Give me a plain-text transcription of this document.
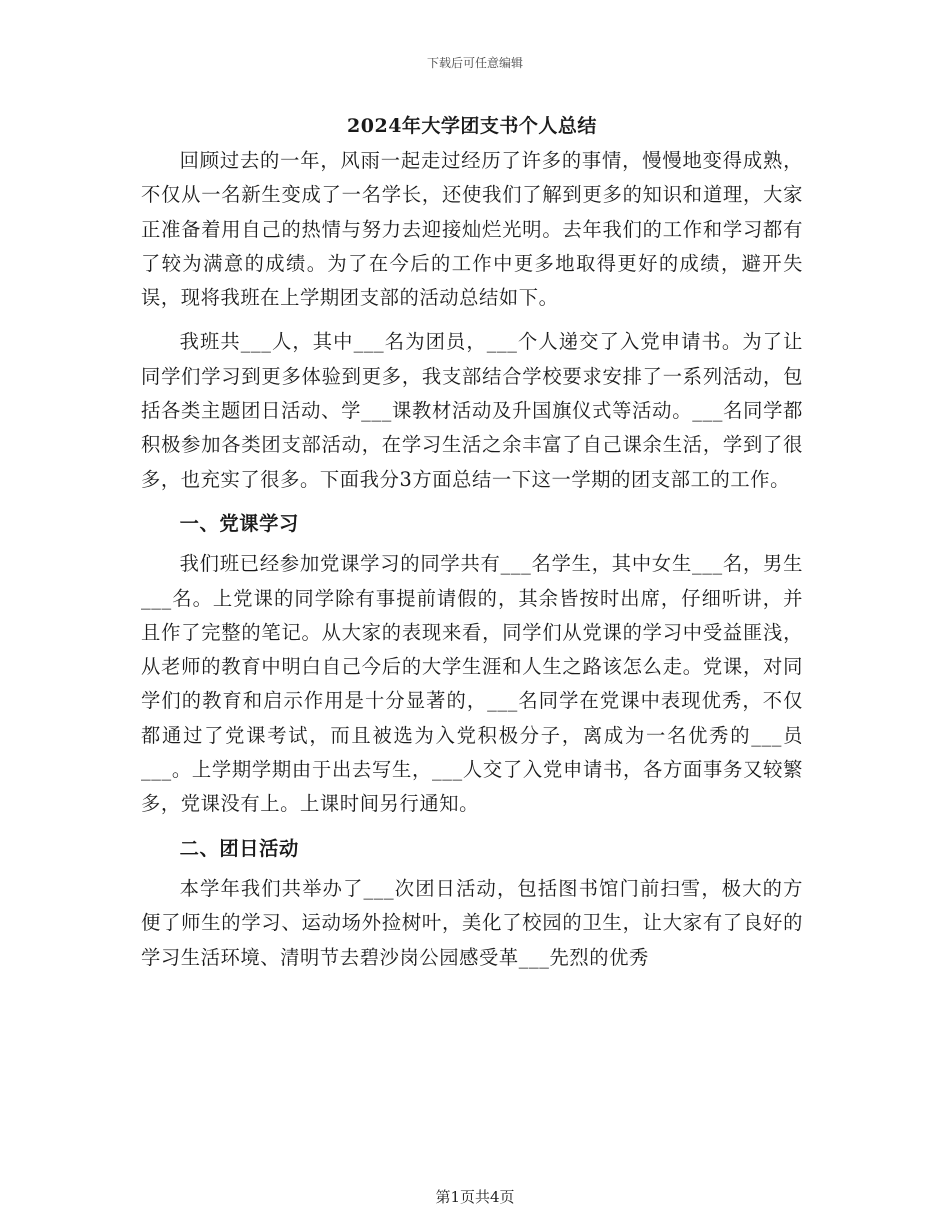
下载后可任意编辑
2024年大学团支书个人总结

回顾过去的一年，风雨一起走过经历了许多的事情，慢慢地变得成熟，不仅从一名新生变成了一名学长，还使我们了解到更多的知识和道理，大家正准备着用自己的热情与努力去迎接灿烂光明。去年我们的工作和学习都有了较为满意的成绩。为了在今后的工作中更多地取得更好的成绩，避开失误，现将我班在上学期团支部的活动总结如下。

我班共___人，其中___名为团员，___个人递交了入党申请书。为了让同学们学习到更多体验到更多，我支部结合学校要求安排了一系列活动，包括各类主题团日活动、学___课教材活动及升国旗仪式等活动。___名同学都积极参加各类团支部活动，在学习生活之余丰富了自己课余生活，学到了很多，也充实了很多。下面我分3方面总结一下这一学期的团支部工的工作。

一、党课学习

我们班已经参加党课学习的同学共有___名学生，其中女生___名，男生___名。上党课的同学除有事提前请假的，其余皆按时出席，仔细听讲，并且作了完整的笔记。从大家的表现来看，同学们从党课的学习中受益匪浅，从老师的教育中明白自己今后的大学生涯和人生之路该怎么走。党课，对同学们的教育和启示作用是十分显著的，___名同学在党课中表现优秀，不仅都通过了党课考试，而且被选为入党积极分子，离成为一名优秀的___员___。上学期学期由于出去写生，___人交了入党申请书，各方面事务又较繁多，党课没有上。上课时间另行通知。

二、团日活动

本学年我们共举办了___次团日活动，包括图书馆门前扫雪，极大的方便了师生的学习、运动场外捡树叶，美化了校园的卫生，让大家有了良好的学习生活环境、清明节去碧沙岗公园感受革___先烈的优秀

第1页共4页
